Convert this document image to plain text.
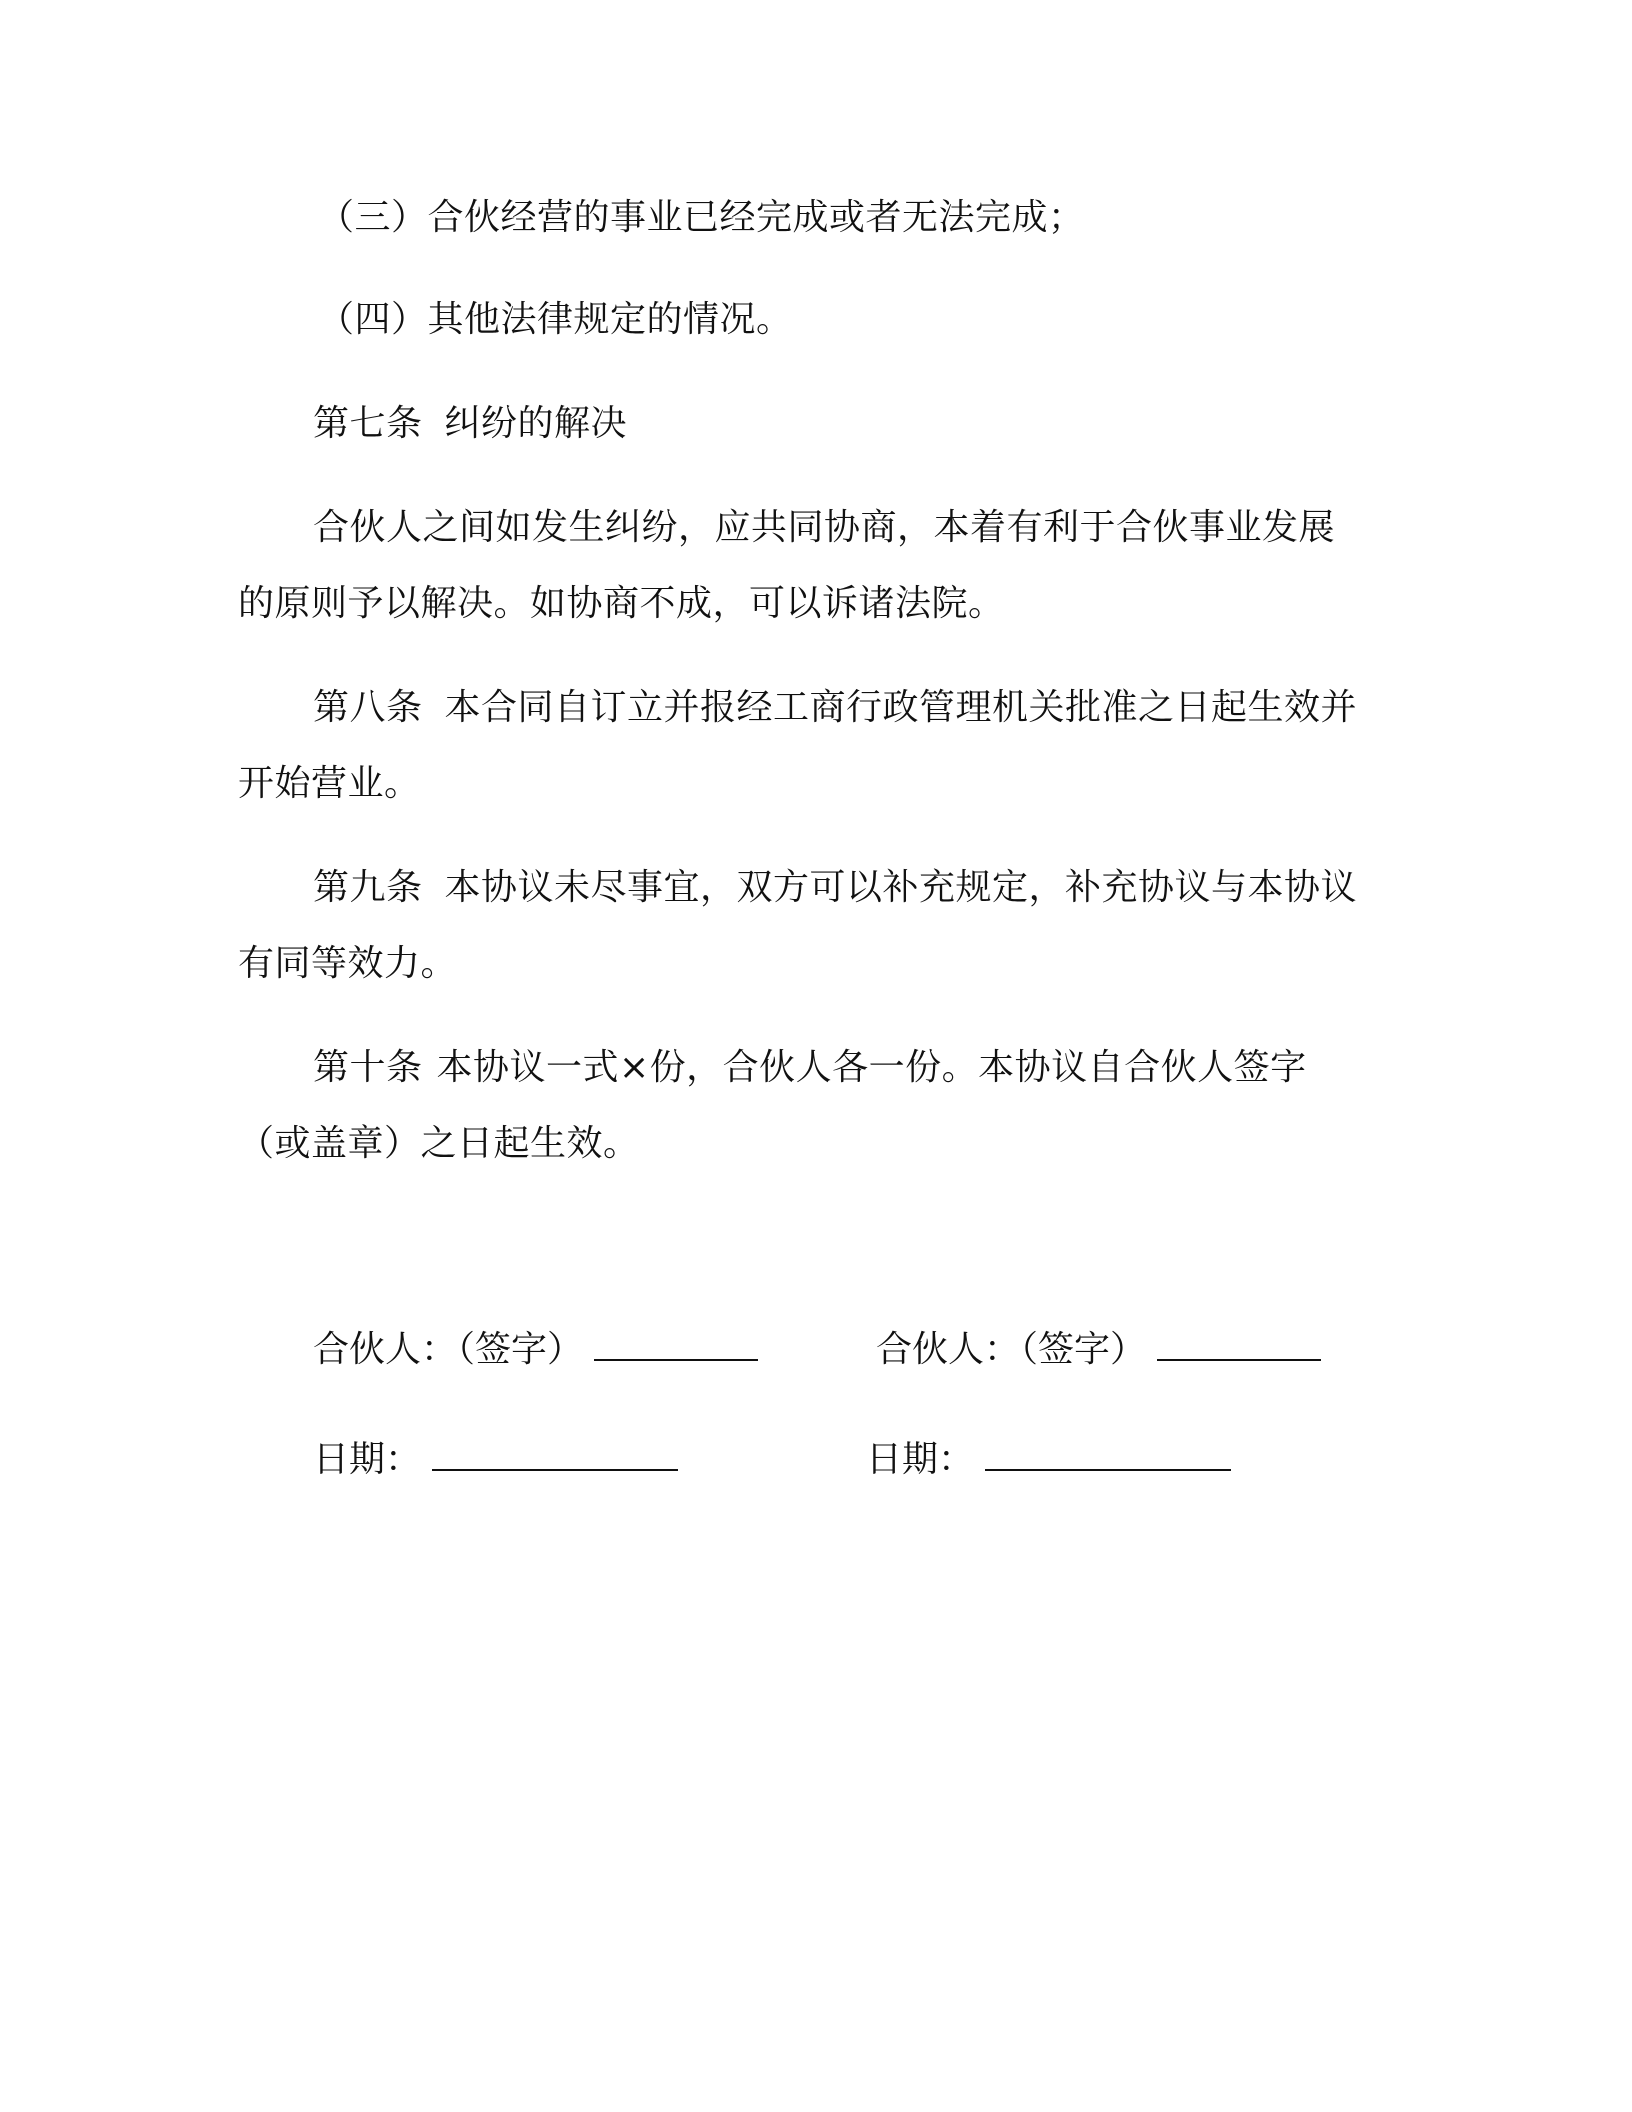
（三）合伙经营的事业已经完成或者无法完成；
（四）其他法律规定的情况。
第七条 纠纷的解决
合伙人之间如发生纠纷，应共同协商，本着有利于合伙事业发展
的原则予以解决。如协商不成，可以诉诸法院。
第八条 本合同自订立并报经工商行政管理机关批准之日起生效并
开始营业。
第九条 本协议未尽事宜，双方可以补充规定，补充协议与本协议
有同等效力。
第十条 本协议一式×份，合伙人各一份。本协议自合伙人签字
（或盖章）之日起生效。
合伙人：（签字）	合伙人：（签字）
日期：	日期：
